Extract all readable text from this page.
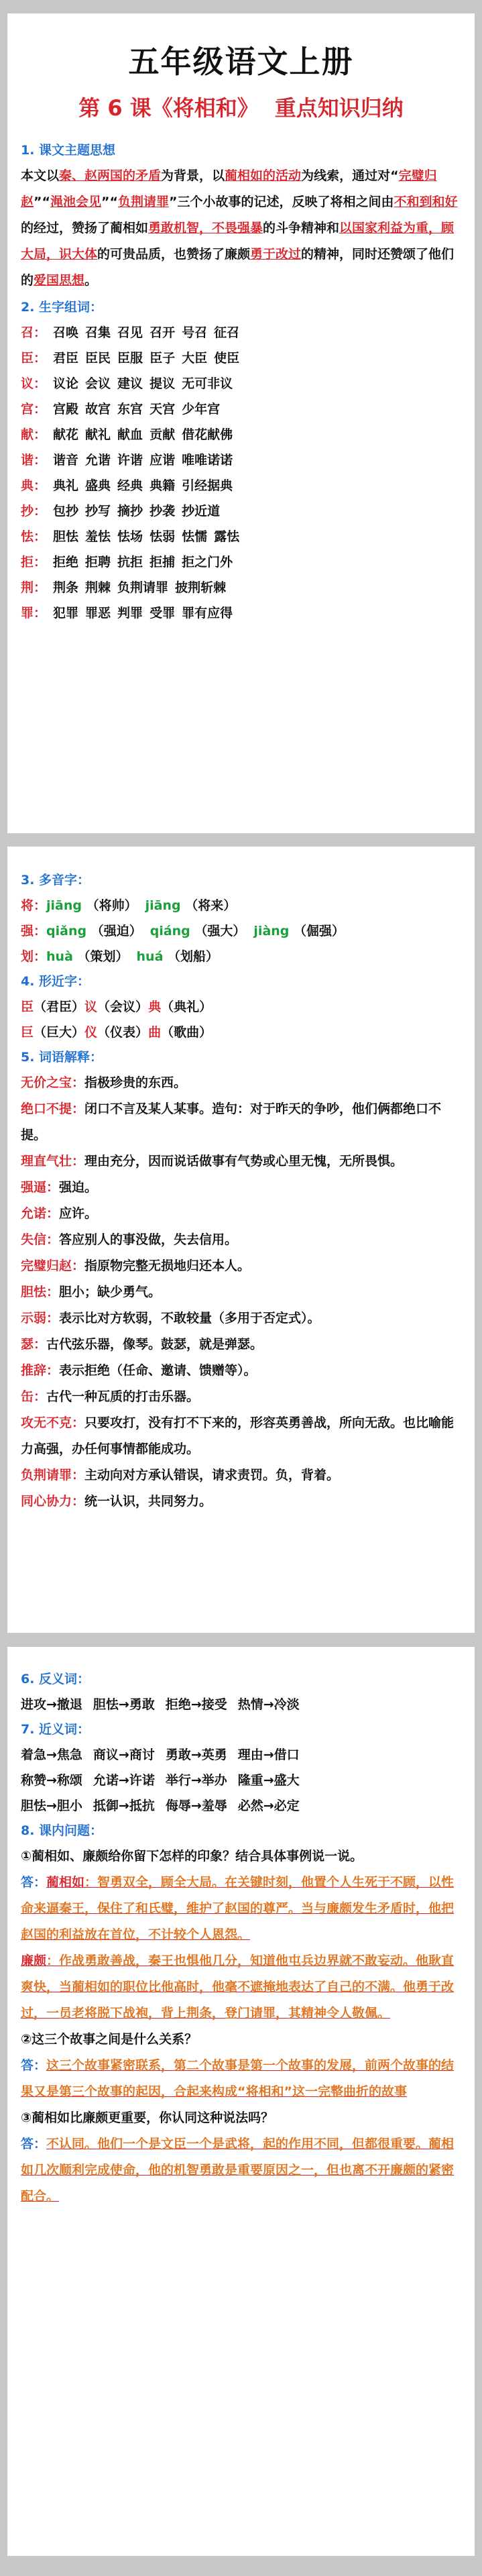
五年级语文上册
第 6 课《将相和》 重点知识归纳
1. 课文主题思想
本文以秦、赵两国的矛盾为背景，以蔺相如的活动为线索，通过对“完璧归赵”“渑池会见”“负荆请罪”三个小故事的记述，反映了将相之间由不和到和好的经过，赞扬了蔺相如勇敢机智，不畏强暴的斗争精神和以国家利益为重，顾大局，识大体的可贵品质，也赞扬了廉颇勇于改过的精神，同时还赞颂了他们的爱国思想。
2. 生字组词：
召： 召唤 召集 召见 召开 号召 征召
臣： 君臣 臣民 臣服 臣子 大臣 使臣
议： 议论 会议 建议 提议 无可非议
宫： 宫殿 故宫 东宫 天宫 少年宫
献： 献花 献礼 献血 贡献 借花献佛
谐： 谐音 允谐 许谐 应谐 唯唯诺诺
典： 典礼 盛典 经典 典籍 引经据典
抄： 包抄 抄写 摘抄 抄袭 抄近道
怯： 胆怯 羞怯 怯场 怯弱 怯懦 露怯
拒： 拒绝 拒聘 抗拒 拒捕 拒之门外
荆： 荆条 荆棘 负荆请罪 披荆斩棘
罪： 犯罪 罪恶 判罪 受罪 罪有应得
3. 多音字：
将：jiāng （将帅） jiāng （将来）
强：qiǎng （强迫） qiáng （强大） jiàng （倔强）
划：huà （策划） huá （划船）
4. 形近字：
臣（君臣）议（会议）典（典礼）
巨（巨大）仪（仪表）曲（歌曲）
5. 词语解释：
无价之宝：指极珍贵的东西。
绝口不提：闭口不言及某人某事。造句：对于昨天的争吵，他们俩都绝口不提。
理直气壮：理由充分，因而说话做事有气势或心里无愧，无所畏惧。
强逼：强迫。
允诺：应许。
失信：答应别人的事没做，失去信用。
完璧归赵：指原物完整无损地归还本人。
胆怯：胆小；缺少勇气。
示弱：表示比对方软弱，不敢较量（多用于否定式）。
瑟：古代弦乐器，像琴。鼓瑟，就是弹瑟。
推辞：表示拒绝（任命、邀请、馈赠等）。
缶：古代一种瓦质的打击乐器。
攻无不克：只要攻打，没有打不下来的，形容英勇善战，所向无敌。也比喻能力高强，办任何事情都能成功。
负荆请罪：主动向对方承认错误，请求责罚。负，背着。
同心协力：统一认识，共同努力。
6. 反义词：
进攻→撤退 胆怯→勇敢 拒绝→接受 热情→冷淡
7. 近义词：
着急→焦急 商议→商讨 勇敢→英勇 理由→借口
称赞→称颂 允诺→许诺 举行→举办 隆重→盛大
胆怯→胆小 抵御→抵抗 侮辱→羞辱 必然→必定
8. 课内问题：
①蔺相如、廉颇给你留下怎样的印象？结合具体事例说一说。
答：蔺相如：智勇双全，顾全大局。在关键时刻，他置个人生死于不顾，以性命来逼秦王，保住了和氏璧，维护了赵国的尊严。当与廉颇发生矛盾时，他把赵国的利益放在首位，不计较个人恩怨。
廉颇：作战勇敢善战，秦王也惧他几分，知道他屯兵边界就不敢妄动。他耿直爽快，当蔺相如的职位比他高时，他毫不遮掩地表达了自己的不满。他勇于改过，一员老将脱下战袍，背上荆条，登门请罪，其精神令人敬佩。
②这三个故事之间是什么关系？
答：这三个故事紧密联系，第二个故事是第一个故事的发展，前两个故事的结果又是第三个故事的起因，合起来构成“将相和”这一完整曲折的故事
③蔺相如比廉颇更重要，你认同这种说法吗？
答：不认同。他们一个是文臣一个是武将，起的作用不同，但都很重要。蔺相如几次顺利完成使命，他的机智勇敢是重要原因之一，但也离不开廉颇的紧密配合。
